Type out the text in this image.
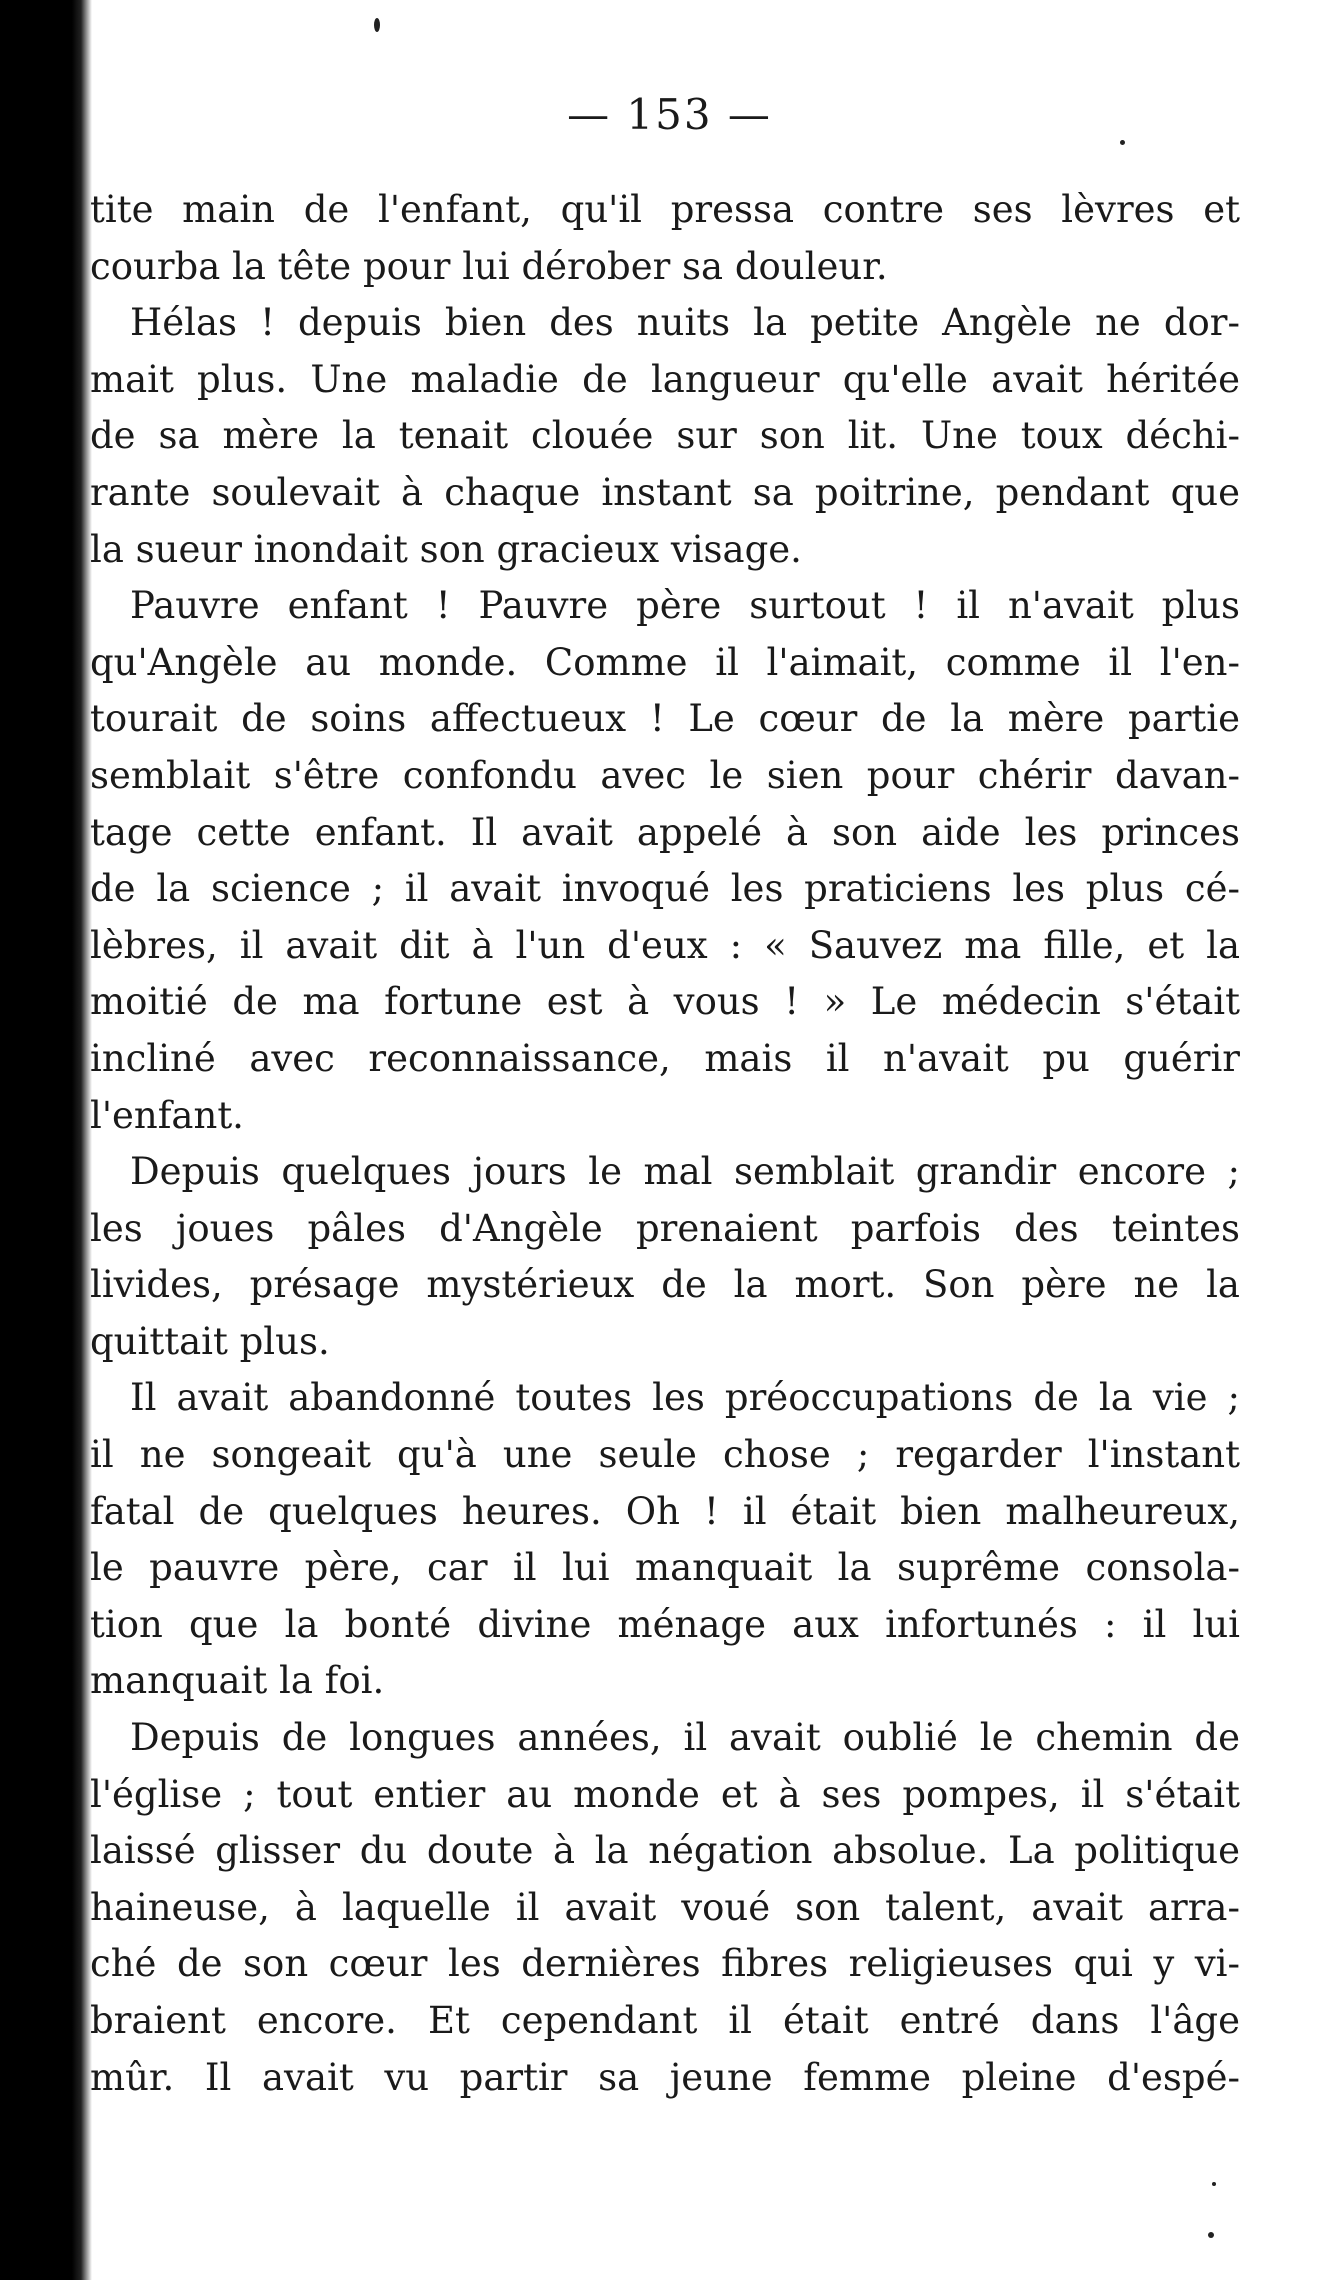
— 153 —
tite main de l'enfant, qu'il pressa contre ses lèvres et
courba la tête pour lui dérober sa douleur.
Hélas ! depuis bien des nuits la petite Angèle ne dor-
mait plus. Une maladie de langueur qu'elle avait héritée
de sa mère la tenait clouée sur son lit. Une toux déchi-
rante soulevait à chaque instant sa poitrine, pendant que
la sueur inondait son gracieux visage.
Pauvre enfant ! Pauvre père surtout ! il n'avait plus
qu'Angèle au monde. Comme il l'aimait, comme il l'en-
tourait de soins affectueux ! Le cœur de la mère partie
semblait s'être confondu avec le sien pour chérir davan-
tage cette enfant. Il avait appelé à son aide les princes
de la science ; il avait invoqué les praticiens les plus cé-
lèbres, il avait dit à l'un d'eux : « Sauvez ma fille, et la
moitié de ma fortune est à vous ! » Le médecin s'était
incliné avec reconnaissance, mais il n'avait pu guérir
l'enfant.
Depuis quelques jours le mal semblait grandir encore ;
les joues pâles d'Angèle prenaient parfois des teintes
livides, présage mystérieux de la mort. Son père ne la
quittait plus.
Il avait abandonné toutes les préoccupations de la vie ;
il ne songeait qu'à une seule chose ; regarder l'instant
fatal de quelques heures. Oh ! il était bien malheureux,
le pauvre père, car il lui manquait la suprême consola-
tion que la bonté divine ménage aux infortunés : il lui
manquait la foi.
Depuis de longues années, il avait oublié le chemin de
l'église ; tout entier au monde et à ses pompes, il s'était
laissé glisser du doute à la négation absolue. La politique
haineuse, à laquelle il avait voué son talent, avait arra-
ché de son cœur les dernières fibres religieuses qui y vi-
braient encore. Et cependant il était entré dans l'âge
mûr. Il avait vu partir sa jeune femme pleine d'espé-
